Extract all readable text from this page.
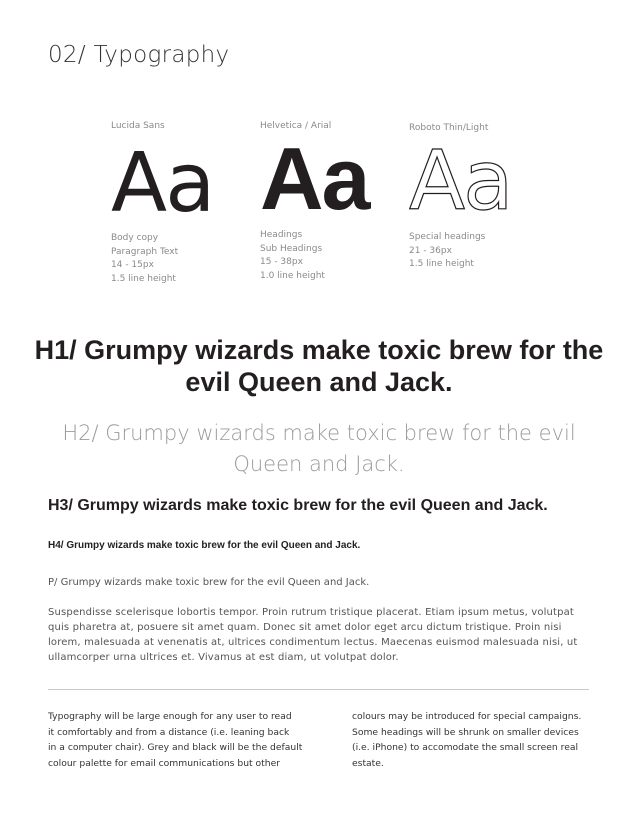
02/ Typography
Lucida Sans
Aa
Body copy
Paragraph Text
14 - 15px
1.5 line height
Helvetica / Arial
Aa
Headings
Sub Headings
15 - 38px
1.0 line height
Roboto Thin/Light
Aa
Special headings
21 - 36px
1.5 line height
H1/ Grumpy wizards make toxic brew for the evil Queen and Jack.
H2/ Grumpy wizards make toxic brew for the evil Queen and Jack.
H3/ Grumpy wizards make toxic brew for the evil Queen and Jack.
H4/ Grumpy wizards make toxic brew for the evil Queen and Jack.
P/ Grumpy wizards make toxic brew for the evil Queen and Jack.
Suspendisse scelerisque lobortis tempor. Proin rutrum tristique placerat. Etiam ipsum metus, volutpat quis pharetra at, posuere sit amet quam. Donec sit amet dolor eget arcu dictum tristique. Proin nisi lorem, malesuada at venenatis at, ultrices condimentum lectus. Maecenas euismod malesuada nisi, ut ullamcorper urna ultrices et. Vivamus at est diam, ut volutpat dolor.
Typography will be large enough for any user to read
it comfortably and from a distance (i.e. leaning back
in a computer chair). Grey and black will be the default
colour palette for email communications but other
colours may be introduced for special campaigns.
Some headings will be shrunk on smaller devices
(i.e. iPhone) to accomodate the small screen real
estate.
